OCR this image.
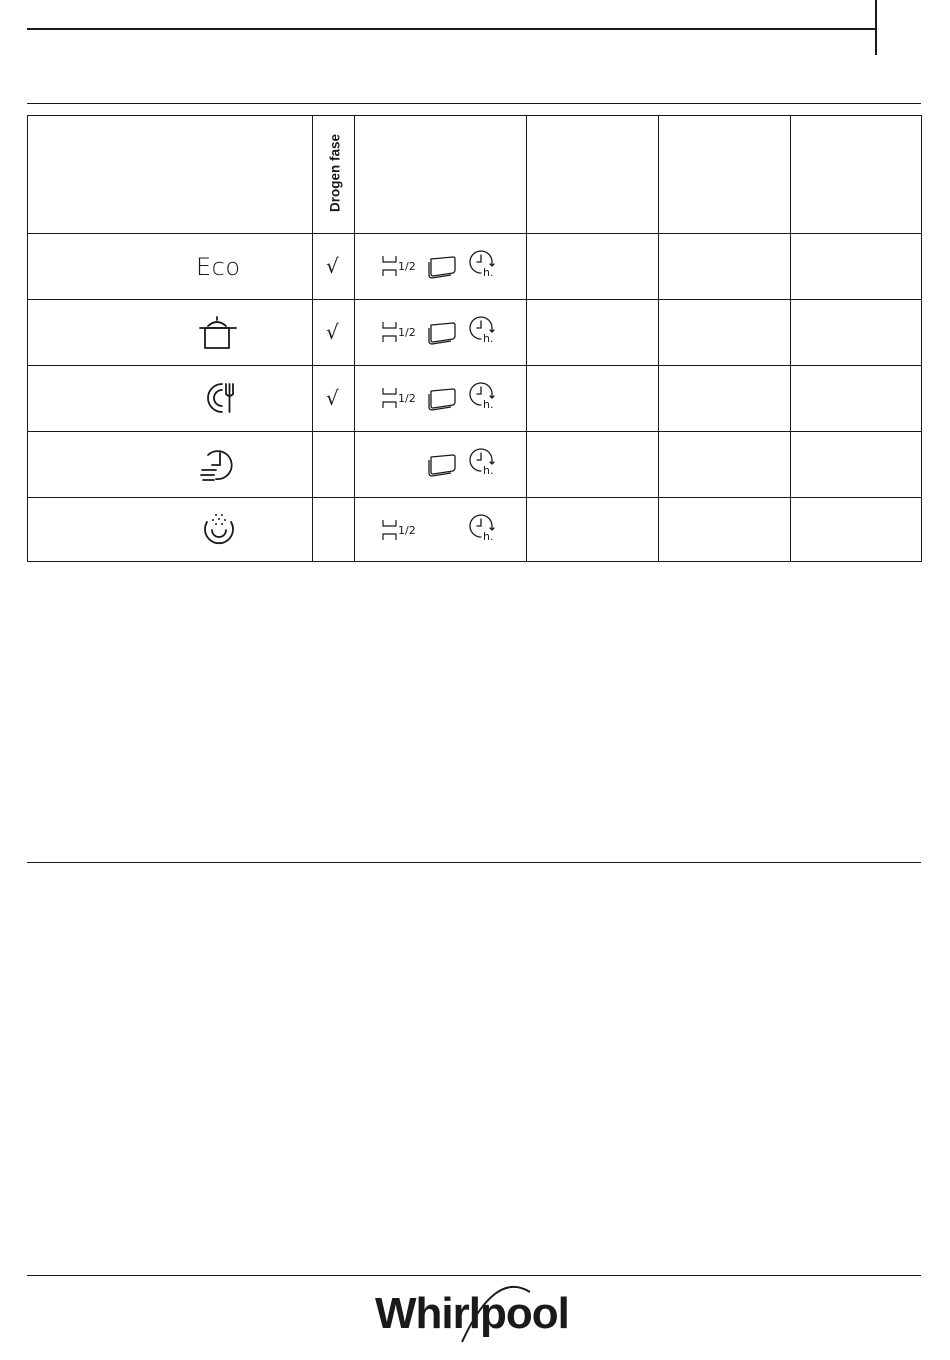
Drogen fase
Eco	√
√
√
1/2
1/2
1/2
1/2
h.
h.
h.
h.
h.
Whirlpool
